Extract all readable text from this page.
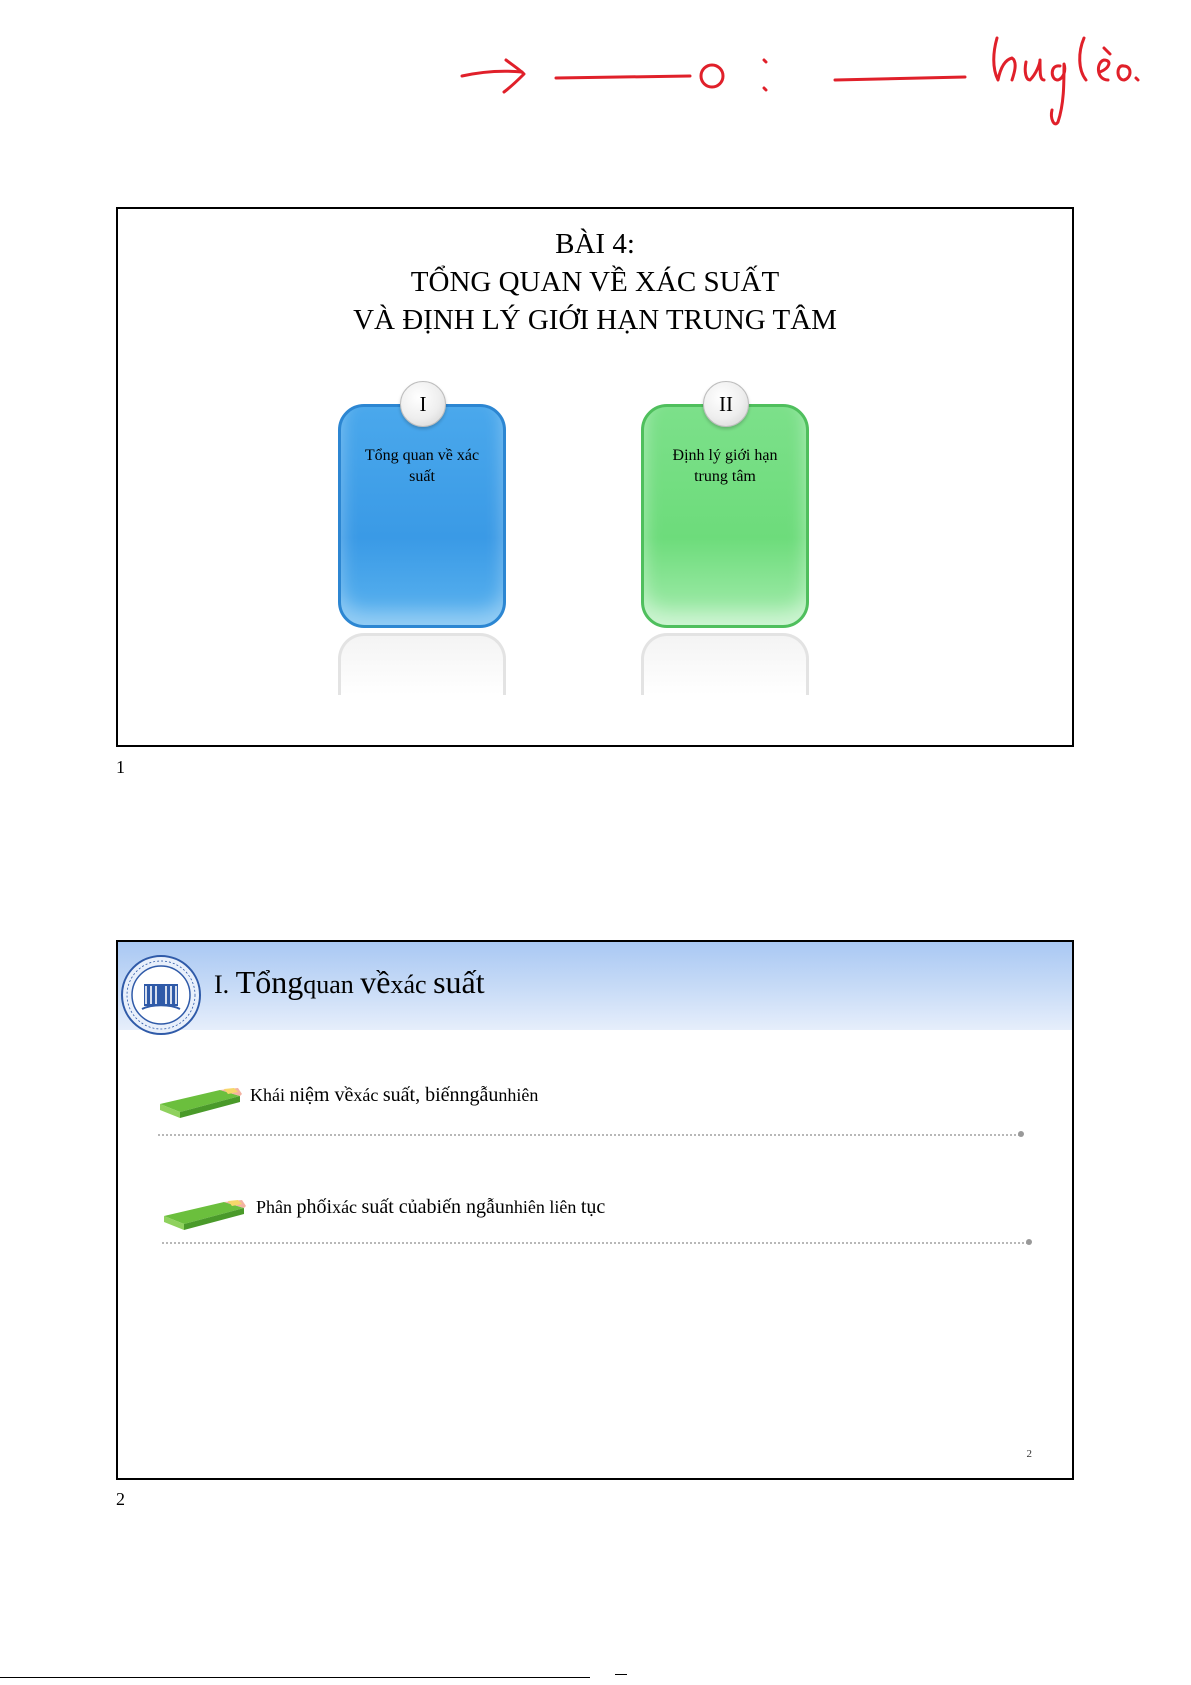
BÀI 4:
TỔNG QUAN VỀ XÁC SUẤT
VÀ ĐỊNH LÝ GIỚI HẠN TRUNG TÂM
Tổng quan về xác
suất
I
Định lý giới hạn
trung tâm
II
1
I. Tổngquan vềxác suất
Khái niệm vềxác suất, biếnngẫunhiên
Phân phốixác suất củabiến ngẫunhiên liên tục
2
2
